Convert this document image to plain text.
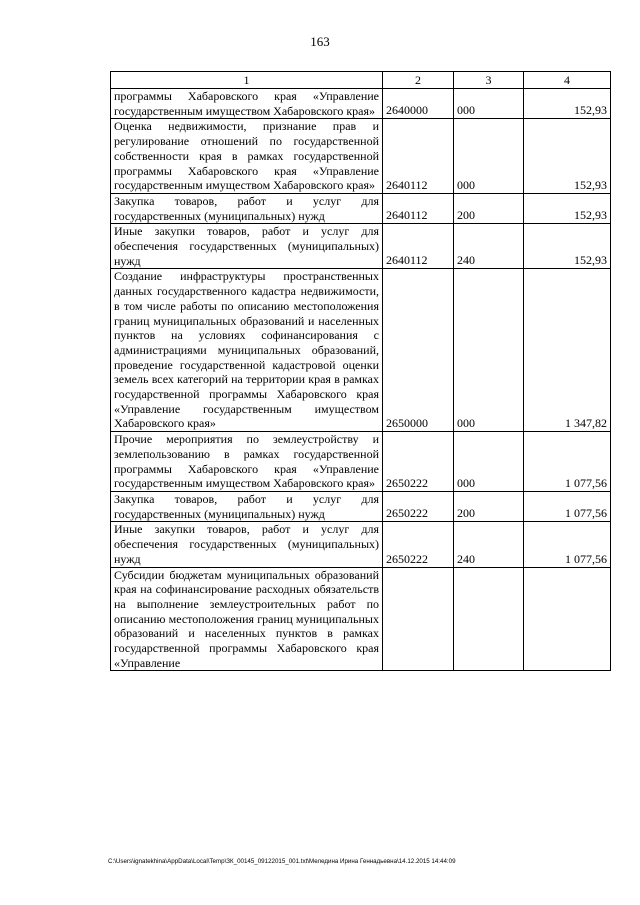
163
1	2	3	4
программы Хабаровского края «Управление государственным имуществом Хабаровского края»	2640000	000	152,93
Оценка недвижимости, признание прав и регулирование отношений по государственной собственности края в рамках государственной программы Хабаровского края «Управление государственным имуществом Хабаровского края»	2640112	000	152,93
Закупка товаров, работ и услуг для государственных (муниципальных) нужд	2640112	200	152,93
Иные закупки товаров, работ и услуг для обеспечения государственных (муниципальных) нужд	2640112	240	152,93
Создание инфраструктуры пространственных данных государственного кадастра недвижимости, в том числе работы по описанию местоположения границ муниципальных образований и населенных пунктов на условиях софинансирования с администрациями муниципальных образований, проведение государственной кадастровой оценки земель всех категорий на территории края в рамках государственной программы Хабаровского края «Управление государственным имуществом Хабаровского края»	2650000	000	1 347,82
Прочие мероприятия по землеустройству и землепользованию в рамках государственной программы Хабаровского края «Управление государственным имуществом Хабаровского края»	2650222	000	1 077,56
Закупка товаров, работ и услуг для государственных (муниципальных) нужд	2650222	200	1 077,56
Иные закупки товаров, работ и услуг для обеспечения государственных (муниципальных) нужд	2650222	240	1 077,56
Субсидии бюджетам муниципальных образований края на софинансирование расходных обязательств на выполнение землеустроительных работ по описанию местоположения границ муниципальных образований и населенных пунктов в рамках государственной программы Хабаровского края «Управление			
C:\Users\ignatekhina\AppData\Local\Temp\ЗК_00145_09122015_001.txt\Меледина Ирина Геннадьевна\14.12.2015 14:44:09
